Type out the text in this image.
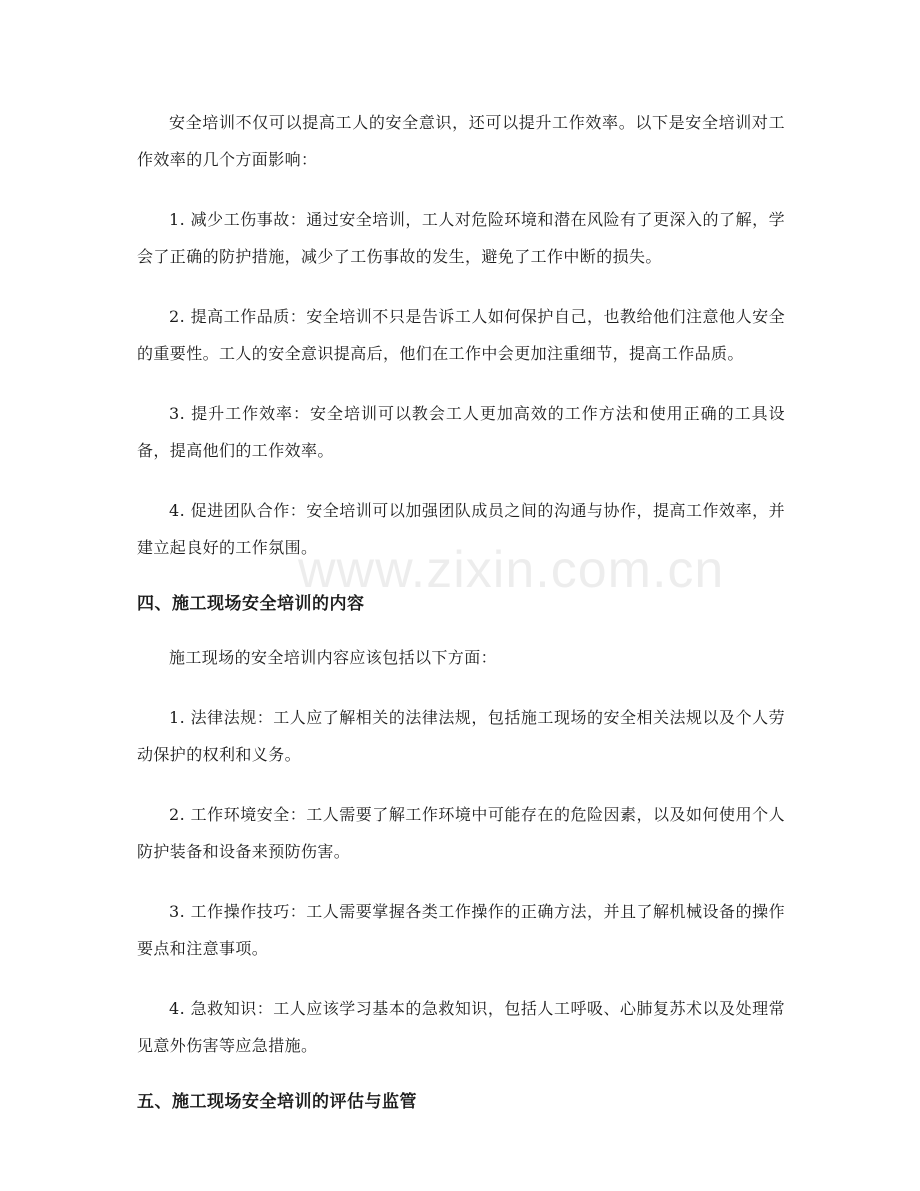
安全培训不仅可以提高工人的安全意识，还可以提升工作效率。以下是安全培训对工作效率的几个方面影响：

1. 减少工伤事故：通过安全培训，工人对危险环境和潜在风险有了更深入的了解，学会了正确的防护措施，减少了工伤事故的发生，避免了工作中断的损失。

2. 提高工作品质：安全培训不只是告诉工人如何保护自己，也教给他们注意他人安全的重要性。工人的安全意识提高后，他们在工作中会更加注重细节，提高工作品质。

3. 提升工作效率：安全培训可以教会工人更加高效的工作方法和使用正确的工具设备，提高他们的工作效率。

4. 促进团队合作：安全培训可以加强团队成员之间的沟通与协作，提高工作效率，并建立起良好的工作氛围。

四、施工现场安全培训的内容

施工现场的安全培训内容应该包括以下方面：

1. 法律法规：工人应了解相关的法律法规，包括施工现场的安全相关法规以及个人劳动保护的权利和义务。

2. 工作环境安全：工人需要了解工作环境中可能存在的危险因素，以及如何使用个人防护装备和设备来预防伤害。

3. 工作操作技巧：工人需要掌握各类工作操作的正确方法，并且了解机械设备的操作要点和注意事项。

4. 急救知识：工人应该学习基本的急救知识，包括人工呼吸、心肺复苏术以及处理常见意外伤害等应急措施。

五、施工现场安全培训的评估与监管
www.zixin.com.cn
